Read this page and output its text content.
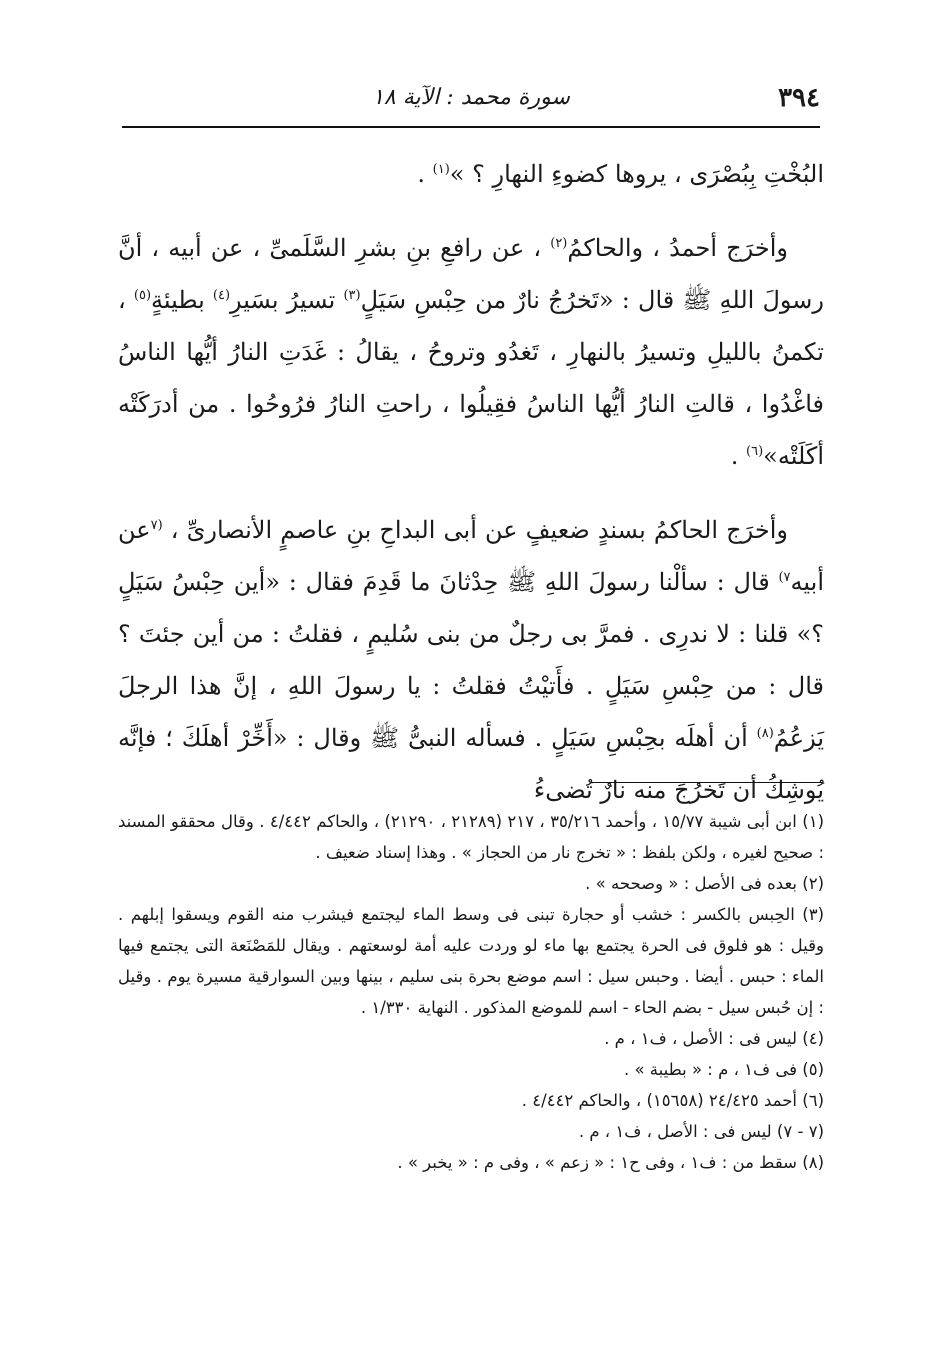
٣٩٤
سورة محمد : الآية ١٨

البُخْتِ بِبُصْرَى ، يروها كضوءِ النهارِ ؟ »$^{(١)}$ .

وأخرَج أحمدُ ، والحاكمُ$^{(٢)}$ ، عن رافعِ بنِ بشرِ السَّلَمىِّ ، عن أبيه ، أنَّ رسولَ اللهِ ﷺ قال : «تَخرُجُ نارٌ من حِبْسِ سَيَلٍ$^{(٣)}$ تسيرُ بسَيرِ$^{(٤)}$ بطيئةٍ$^{(٥)}$ ، تكمنُ بالليلِ وتسيرُ بالنهارِ ، تَغدُو وتروحُ ، يقالُ : غَدَتِ النارُ أيُّها الناسُ فاغْدُوا ، قالتِ النارُ أيُّها الناسُ فقِيلُوا ، راحتِ النارُ فرُوحُوا . من أدرَكَتْه أكَلَتْه»$^{(٦)}$ .

وأخرَج الحاكمُ بسندٍ ضعيفٍ عن أبى البداحِ بنِ عاصمٍ الأنصارىِّ ، $^{(٧}$عن أبيه$^{٧)}$ قال : سألْنا رسولَ اللهِ ﷺ حِدْثانَ ما قَدِمَ فقال : «أين حِبْسُ سَيَلٍ ؟» قلنا : لا ندرِى . فمرَّ بى رجلٌ من بنى سُليمٍ ، فقلتُ : من أين جئتَ ؟ قال : من حِبْسِ سَيَلٍ . فأَتيْتُ فقلتُ : يا رسولَ اللهِ ، إنَّ هذا الرجلَ يَزعُمُ$^{(٨)}$ أن أهلَه بحِبْسِ سَيَلٍ . فسأله النبىُّ ﷺ وقال : «أَخِّرْ أهلَكَ ؛ فإنَّه يُوشِكُ أن تَخرُجَ منه نارٌ تُضىءُ

(١) ابن أبى شيبة ١٥/٧٧ ، وأحمد ٣٥/٢١٦ ، ٢١٧ (٢١٢٨٩ ، ٢١٢٩٠) ، والحاكم ٤/٤٤٢ . وقال محققو المسند : صحيح لغيره ، ولكن بلفظ : « تخرج نار من الحجاز » . وهذا إسناد ضعيف .

(٢) بعده فى الأصل : « وصححه » .

(٣) الحِبس بالكسر : خشب أو حجارة تبنى فى وسط الماء ليجتمع فيشرب منه القوم ويسقوا إبلهم . وقيل : هو فلوق فى الحرة يجتمع بها ماء لو وردت عليه أمة لوسعتهم . ويقال للمَصْنَعة التى يجتمع فيها الماء : حبس . أيضا . وحبس سيل : اسم موضع بحرة بنى سليم ، بينها وبين السوارقية مسيرة يوم . وقيل : إن حُبس سيل - بضم الحاء - اسم للموضع المذكور . النهاية ١/٣٣٠ .

(٤) ليس فى : الأصل ، ف١ ، م .

(٥) فى ف١ ، م : « بطيبة » .

(٦) أحمد ٢٤/٤٢٥ (١٥٦٥٨) ، والحاكم ٤/٤٤٢ .

(٧ - ٧) ليس فى : الأصل ، ف١ ، م .

(٨) سقط من : ف١ ، وفى ح١ : « زعم » ، وفى م : « يخبر » .
